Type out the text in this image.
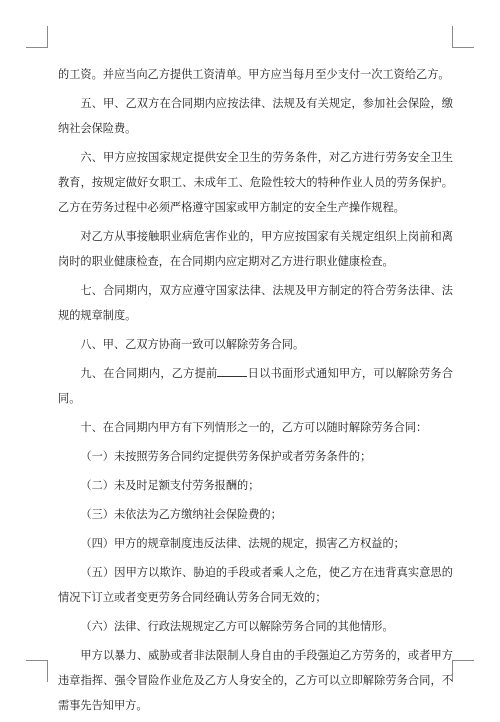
的工资。并应当向乙方提供工资清单。甲方应当每月至少支付一次工资给乙方。

五、甲、乙双方在合同期内应按法律、法规及有关规定，参加社会保险，缴纳社会保险费。

六、甲方应按国家规定提供安全卫生的劳务条件，对乙方进行劳务安全卫生教育，按规定做好女职工、未成年工、危险性较大的特种作业人员的劳务保护。乙方在劳务过程中必须严格遵守国家或甲方制定的安全生产操作规程。

对乙方从事接触职业病危害作业的，甲方应按国家有关规定组织上岗前和离岗时的职业健康检查，在合同期内应定期对乙方进行职业健康检查。

七、合同期内，双方应遵守国家法律、法规及甲方制定的符合劳务法律、法规的规章制度。

八、甲、乙双方协商一致可以解除劳务合同。

九、在合同期内，乙方提前	日以书面形式通知甲方，可以解除劳务合同。

十、在合同期内甲方有下列情形之一的，乙方可以随时解除劳务合同：

（一）未按照劳务合同约定提供劳务保护或者劳务条件的；

（二）未及时足额支付劳务报酬的；

（三）未依法为乙方缴纳社会保险费的；

（四）甲方的规章制度违反法律、法规的规定，损害乙方权益的；

（五）因甲方以欺诈、胁迫的手段或者乘人之危，使乙方在违背真实意思的情况下订立或者变更劳务合同经确认劳务合同无效的；

（六）法律、行政法规规定乙方可以解除劳务合同的其他情形。

甲方以暴力、威胁或者非法限制人身自由的手段强迫乙方劳务的，或者甲方违章指挥、强令冒险作业危及乙方人身安全的，乙方可以立即解除劳务合同，不需事先告知甲方。
